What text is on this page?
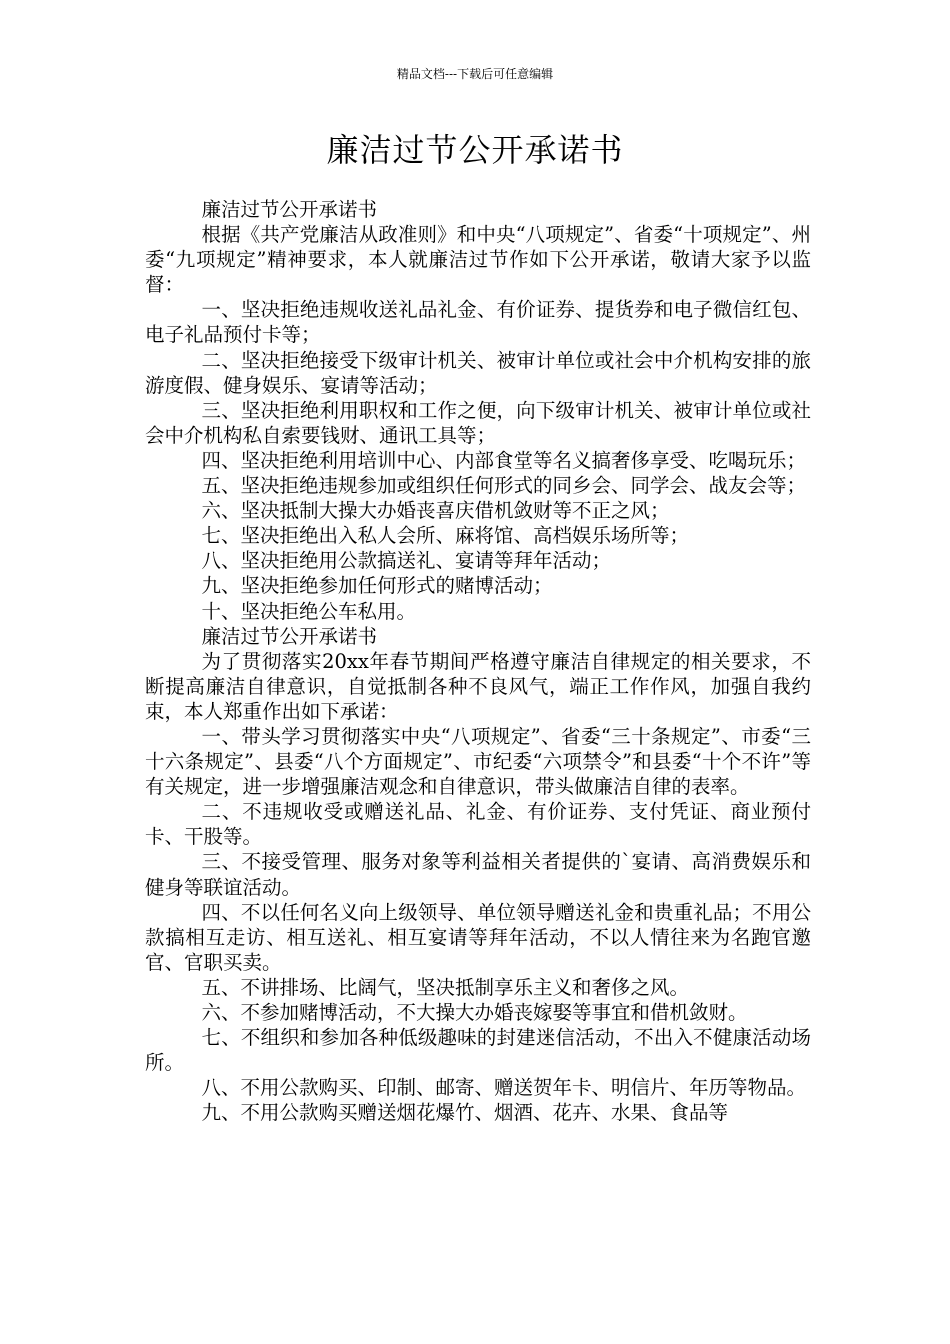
精品文档---下载后可任意编辑
廉洁过节公开承诺书

廉洁过节公开承诺书

根据《共产党廉洁从政准则》和中央“八项规定”、省委“十项规定”、州委“九项规定”精神要求，本人就廉洁过节作如下公开承诺，敬请大家予以监督：

一、坚决拒绝违规收送礼品礼金、有价证券、提货券和电子微信红包、电子礼品预付卡等；

二、坚决拒绝接受下级审计机关、被审计单位或社会中介机构安排的旅游度假、健身娱乐、宴请等活动；

三、坚决拒绝利用职权和工作之便，向下级审计机关、被审计单位或社会中介机构私自索要钱财、通讯工具等；

四、坚决拒绝利用培训中心、内部食堂等名义搞奢侈享受、吃喝玩乐；

五、坚决拒绝违规参加或组织任何形式的同乡会、同学会、战友会等；

六、坚决抵制大操大办婚丧喜庆借机敛财等不正之风；

七、坚决拒绝出入私人会所、麻将馆、高档娱乐场所等；

八、坚决拒绝用公款搞送礼、宴请等拜年活动；

九、坚决拒绝参加任何形式的赌博活动；

十、坚决拒绝公车私用。

廉洁过节公开承诺书

为了贯彻落实20xx年春节期间严格遵守廉洁自律规定的相关要求，不断提高廉洁自律意识，自觉抵制各种不良风气，端正工作作风，加强自我约束，本人郑重作出如下承诺：

一、带头学习贯彻落实中央“八项规定”、省委“三十条规定”、市委“三十六条规定”、县委“八个方面规定”、市纪委“六项禁令”和县委“十个不许”等有关规定，进一步增强廉洁观念和自律意识，带头做廉洁自律的表率。

二、不违规收受或赠送礼品、礼金、有价证券、支付凭证、商业预付卡、干股等。

三、不接受管理、服务对象等利益相关者提供的`宴请、高消费娱乐和健身等联谊活动。

四、不以任何名义向上级领导、单位领导赠送礼金和贵重礼品；不用公款搞相互走访、相互送礼、相互宴请等拜年活动，不以人情往来为名跑官邀官、官职买卖。

五、不讲排场、比阔气，坚决抵制享乐主义和奢侈之风。

六、不参加赌博活动，不大操大办婚丧嫁娶等事宜和借机敛财。

七、不组织和参加各种低级趣味的封建迷信活动，不出入不健康活动场所。

八、不用公款购买、印制、邮寄、赠送贺年卡、明信片、年历等物品。

九、不用公款购买赠送烟花爆竹、烟酒、花卉、水果、食品等
